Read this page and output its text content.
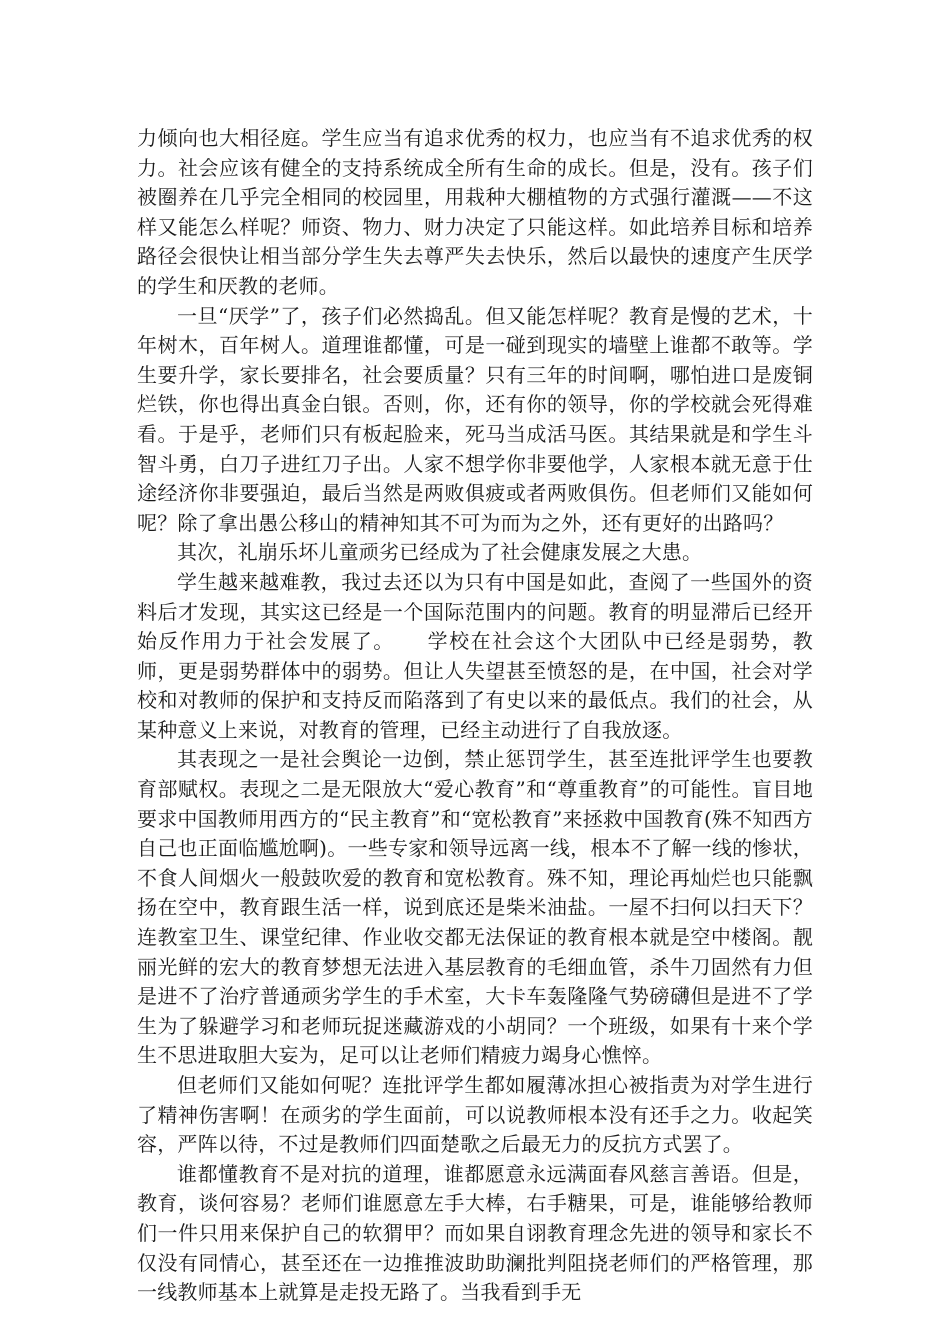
力倾向也大相径庭。学生应当有追求优秀的权力，也应当有不追求优秀的权力。社会应该有健全的支持系统成全所有生命的成长。但是，没有。孩子们被圈养在几乎完全相同的校园里，用栽种大棚植物的方式强行灌溉——不这样又能怎么样呢？师资、物力、财力决定了只能这样。如此培养目标和培养路径会很快让相当部分学生失去尊严失去快乐，然后以最快的速度产生厌学的学生和厌教的老师。

一旦“厌学”了，孩子们必然捣乱。但又能怎样呢？教育是慢的艺术，十年树木，百年树人。道理谁都懂，可是一碰到现实的墙壁上谁都不敢等。学生要升学，家长要排名，社会要质量？只有三年的时间啊，哪怕进口是废铜烂铁，你也得出真金白银。否则，你，还有你的领导，你的学校就会死得难看。于是乎，老师们只有板起脸来，死马当成活马医。其结果就是和学生斗智斗勇，白刀子进红刀子出。人家不想学你非要他学，人家根本就无意于仕途经济你非要强迫，最后当然是两败俱疲或者两败俱伤。但老师们又能如何呢？除了拿出愚公移山的精神知其不可为而为之外，还有更好的出路吗？

其次，礼崩乐坏儿童顽劣已经成为了社会健康发展之大患。

学生越来越难教，我过去还以为只有中国是如此，查阅了一些国外的资料后才发现，其实这已经是一个国际范围内的问题。教育的明显滞后已经开始反作用力于社会发展了。　　学校在社会这个大团队中已经是弱势，教师，更是弱势群体中的弱势。但让人失望甚至愤怒的是，在中国，社会对学校和对教师的保护和支持反而陷落到了有史以来的最低点。我们的社会，从某种意义上来说，对教育的管理，已经主动进行了自我放逐。

其表现之一是社会舆论一边倒，禁止惩罚学生，甚至连批评学生也要教育部赋权。表现之二是无限放大“爱心教育”和“尊重教育”的可能性。盲目地要求中国教师用西方的“民主教育”和“宽松教育”来拯救中国教育(殊不知西方自己也正面临尴尬啊)。一些专家和领导远离一线，根本不了解一线的惨状，不食人间烟火一般鼓吹爱的教育和宽松教育。殊不知，理论再灿烂也只能飘扬在空中，教育跟生活一样，说到底还是柴米油盐。一屋不扫何以扫天下？连教室卫生、课堂纪律、作业收交都无法保证的教育根本就是空中楼阁。靓丽光鲜的宏大的教育梦想无法进入基层教育的毛细血管，杀牛刀固然有力但是进不了治疗普通顽劣学生的手术室，大卡车轰隆隆气势磅礴但是进不了学生为了躲避学习和老师玩捉迷藏游戏的小胡同？一个班级，如果有十来个学生不思进取胆大妄为，足可以让老师们精疲力竭身心憔悴。

但老师们又能如何呢？连批评学生都如履薄冰担心被指责为对学生进行了精神伤害啊！在顽劣的学生面前，可以说教师根本没有还手之力。收起笑容，严阵以待，不过是教师们四面楚歌之后最无力的反抗方式罢了。

谁都懂教育不是对抗的道理，谁都愿意永远满面春风慈言善语。但是，教育，谈何容易？老师们谁愿意左手大棒，右手糖果，可是，谁能够给教师们一件只用来保护自己的软猬甲？而如果自诩教育理念先进的领导和家长不仅没有同情心，甚至还在一边推推波助助澜批判阻挠老师们的严格管理，那一线教师基本上就算是走投无路了。当我看到手无
